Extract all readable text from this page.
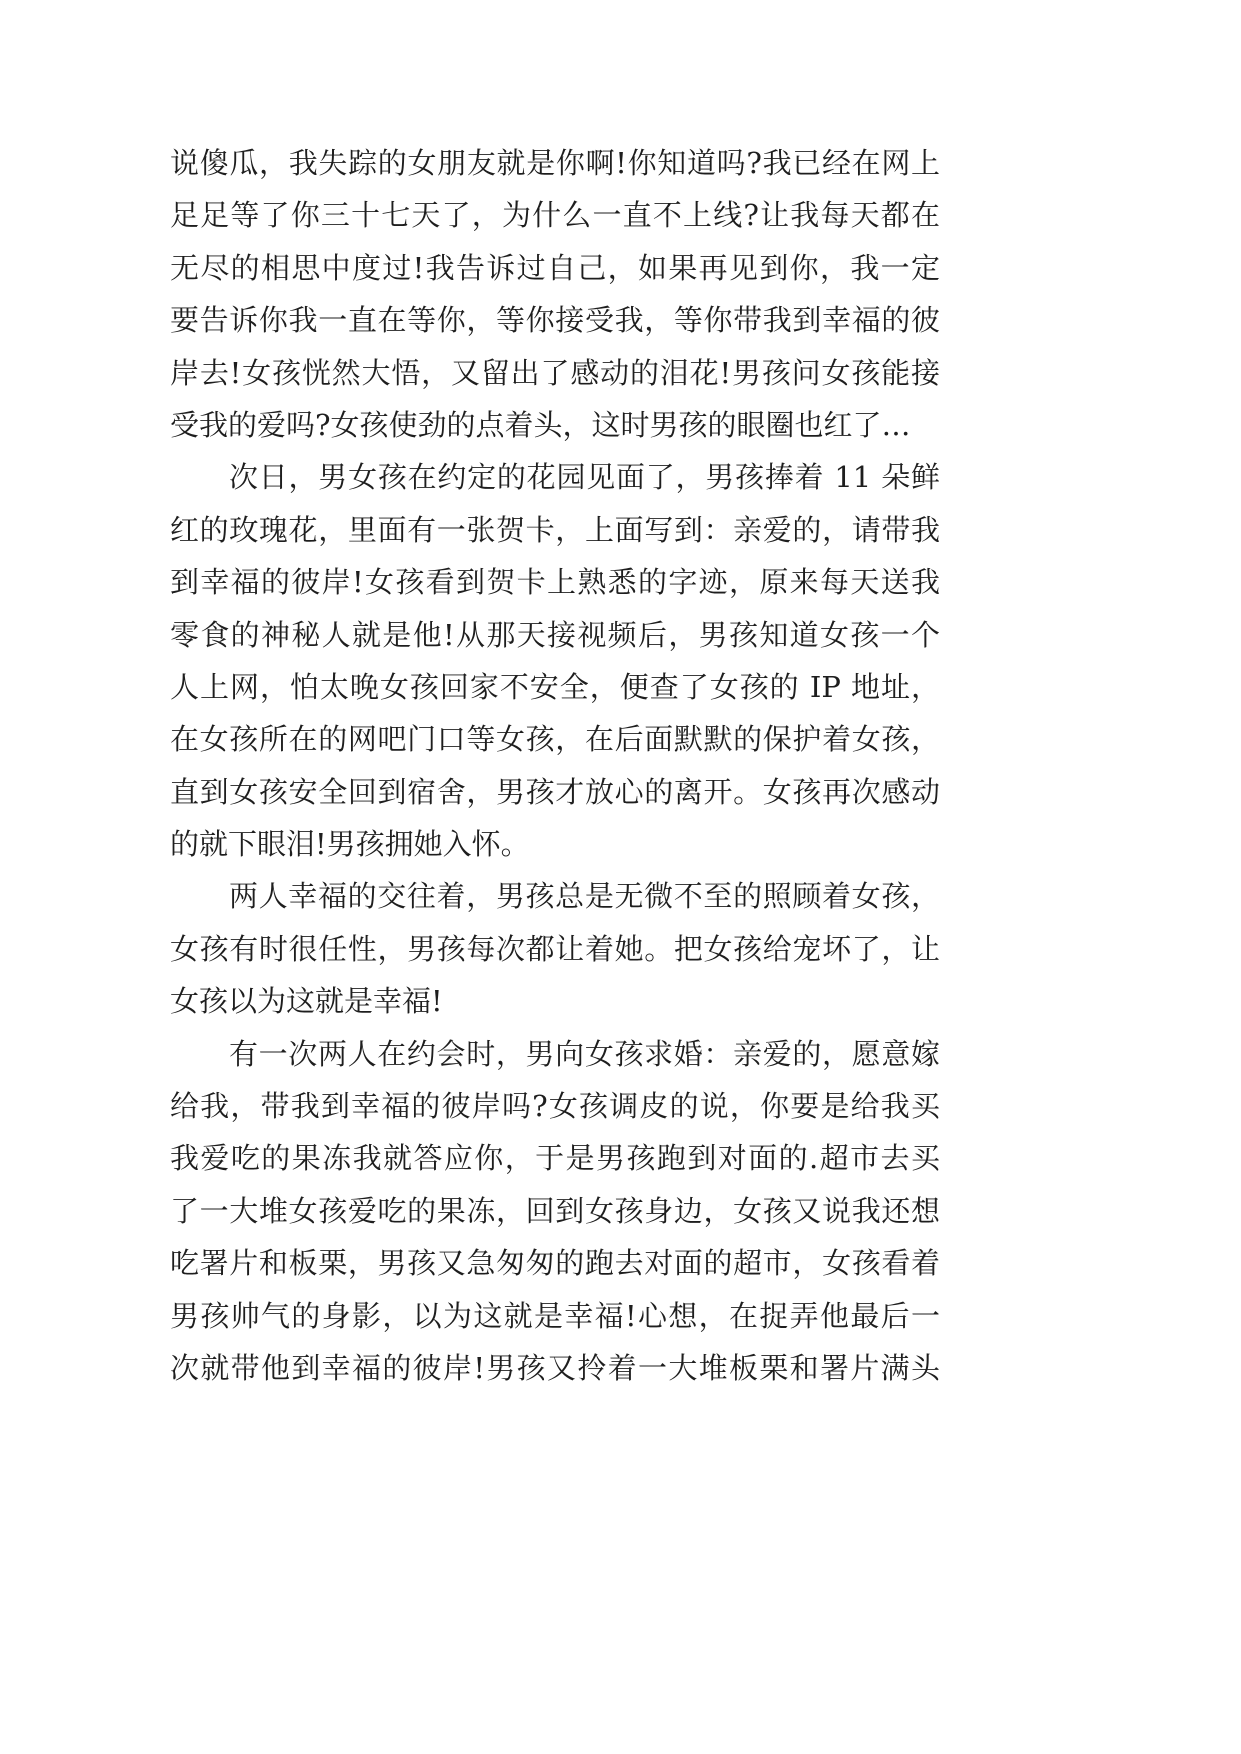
说傻瓜，我失踪的女朋友就是你啊!你知道吗?我已经在网上
足足等了你三十七天了，为什么一直不上线?让我每天都在
无尽的相思中度过!我告诉过自己，如果再见到你，我一定
要告诉你我一直在等你，等你接受我，等你带我到幸福的彼
岸去!女孩恍然大悟，又留出了感动的泪花!男孩问女孩能接
受我的爱吗?女孩使劲的点着头，这时男孩的眼圈也红了…
次日，男女孩在约定的花园见面了，男孩捧着 11 朵鲜
红的玫瑰花，里面有一张贺卡，上面写到：亲爱的，请带我
到幸福的彼岸!女孩看到贺卡上熟悉的字迹，原来每天送我
零食的神秘人就是他!从那天接视频后，男孩知道女孩一个
人上网，怕太晚女孩回家不安全，便查了女孩的 IP 地址，
在女孩所在的网吧门口等女孩，在后面默默的保护着女孩，
直到女孩安全回到宿舍，男孩才放心的离开。女孩再次感动
的就下眼泪!男孩拥她入怀。
两人幸福的交往着，男孩总是无微不至的照顾着女孩，
女孩有时很任性，男孩每次都让着她。把女孩给宠坏了，让
女孩以为这就是幸福!
有一次两人在约会时，男向女孩求婚：亲爱的，愿意嫁
给我，带我到幸福的彼岸吗?女孩调皮的说，你要是给我买
我爱吃的果冻我就答应你，于是男孩跑到对面的.超市去买
了一大堆女孩爱吃的果冻，回到女孩身边，女孩又说我还想
吃署片和板栗，男孩又急匆匆的跑去对面的超市，女孩看着
男孩帅气的身影，以为这就是幸福!心想，在捉弄他最后一
次就带他到幸福的彼岸!男孩又拎着一大堆板栗和署片满头
